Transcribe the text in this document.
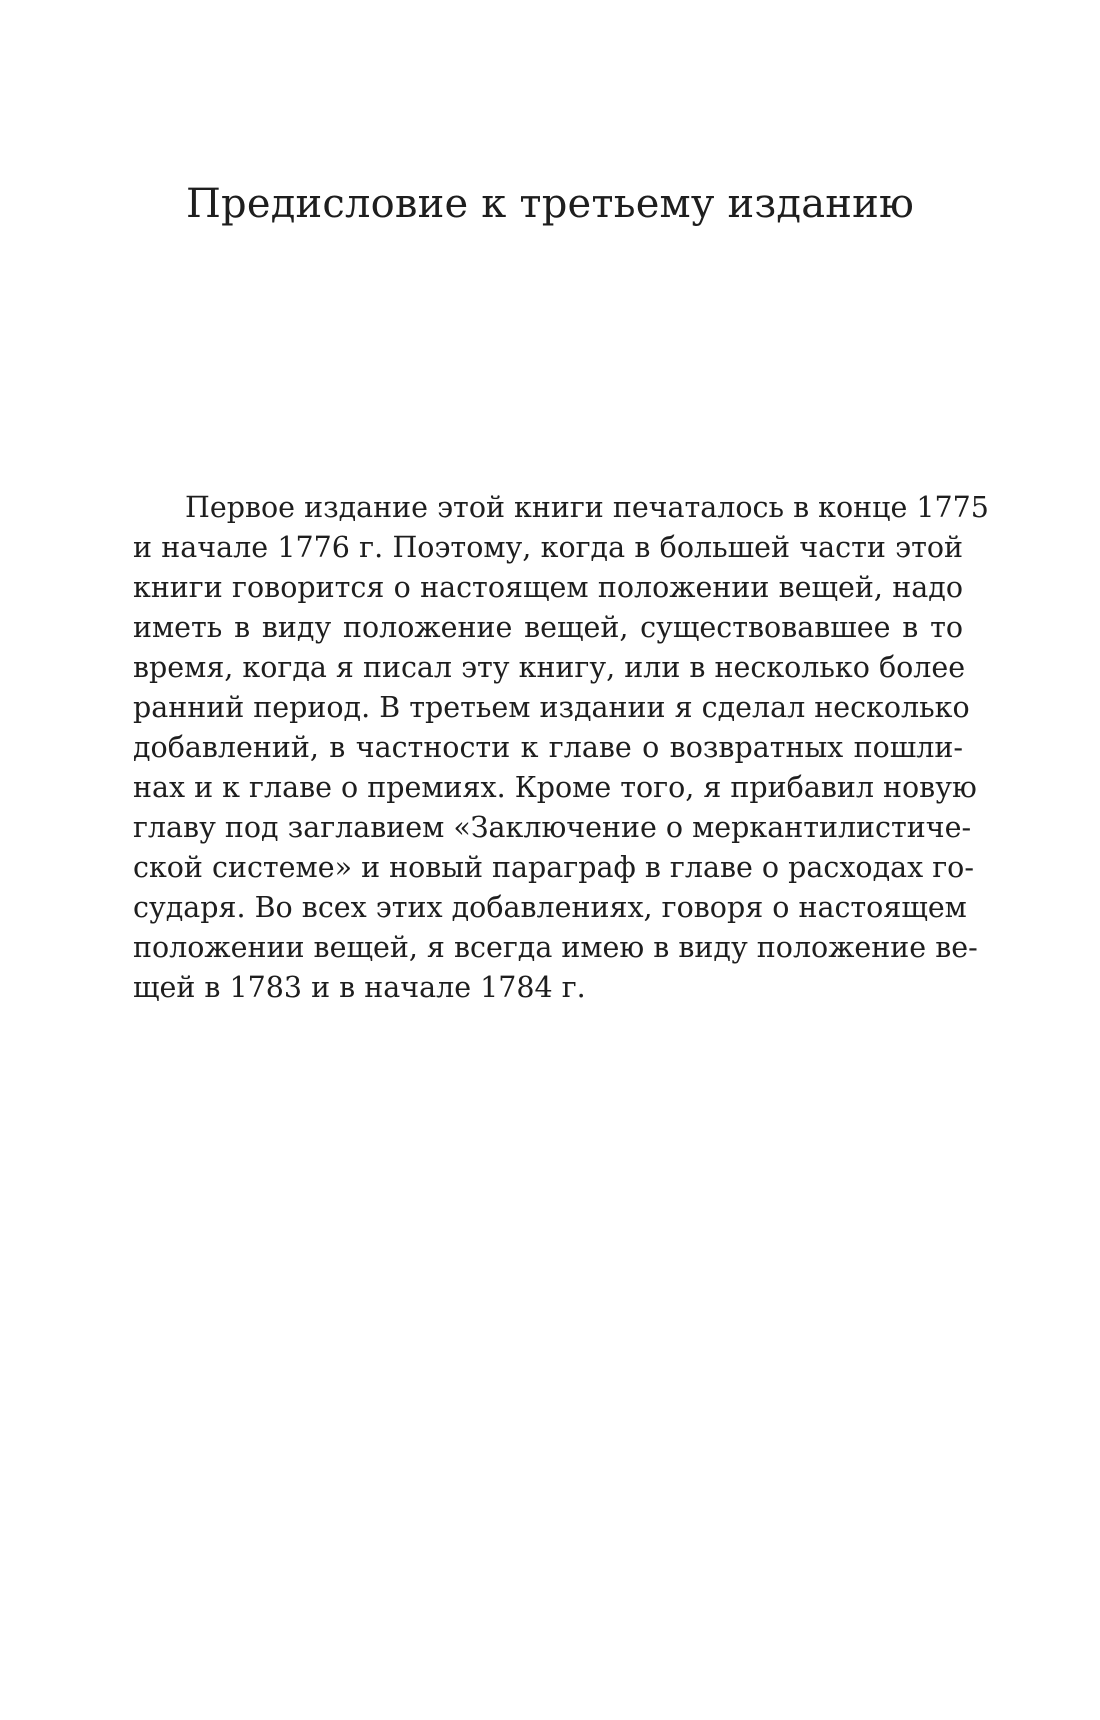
Предисловие к третьему изданию
Первое издание этой книги печаталось в конце 1775
и начале 1776 г. Поэтому, когда в большей части этой
книги говорится о настоящем положении вещей, надо
иметь в виду положение вещей, существовавшее в то
время, когда я писал эту книгу, или в несколько более
ранний период. В третьем издании я сделал несколько
добавлений, в частности к главе о возвратных пошли-
нах и к главе о премиях. Кроме того, я прибавил новую
главу под заглавием «Заключение о меркантилистиче-
ской системе» и новый параграф в главе о расходах го-
сударя. Во всех этих добавлениях, говоря о настоящем
положении вещей, я всегда имею в виду положение ве-
щей в 1783 и в начале 1784 г.
